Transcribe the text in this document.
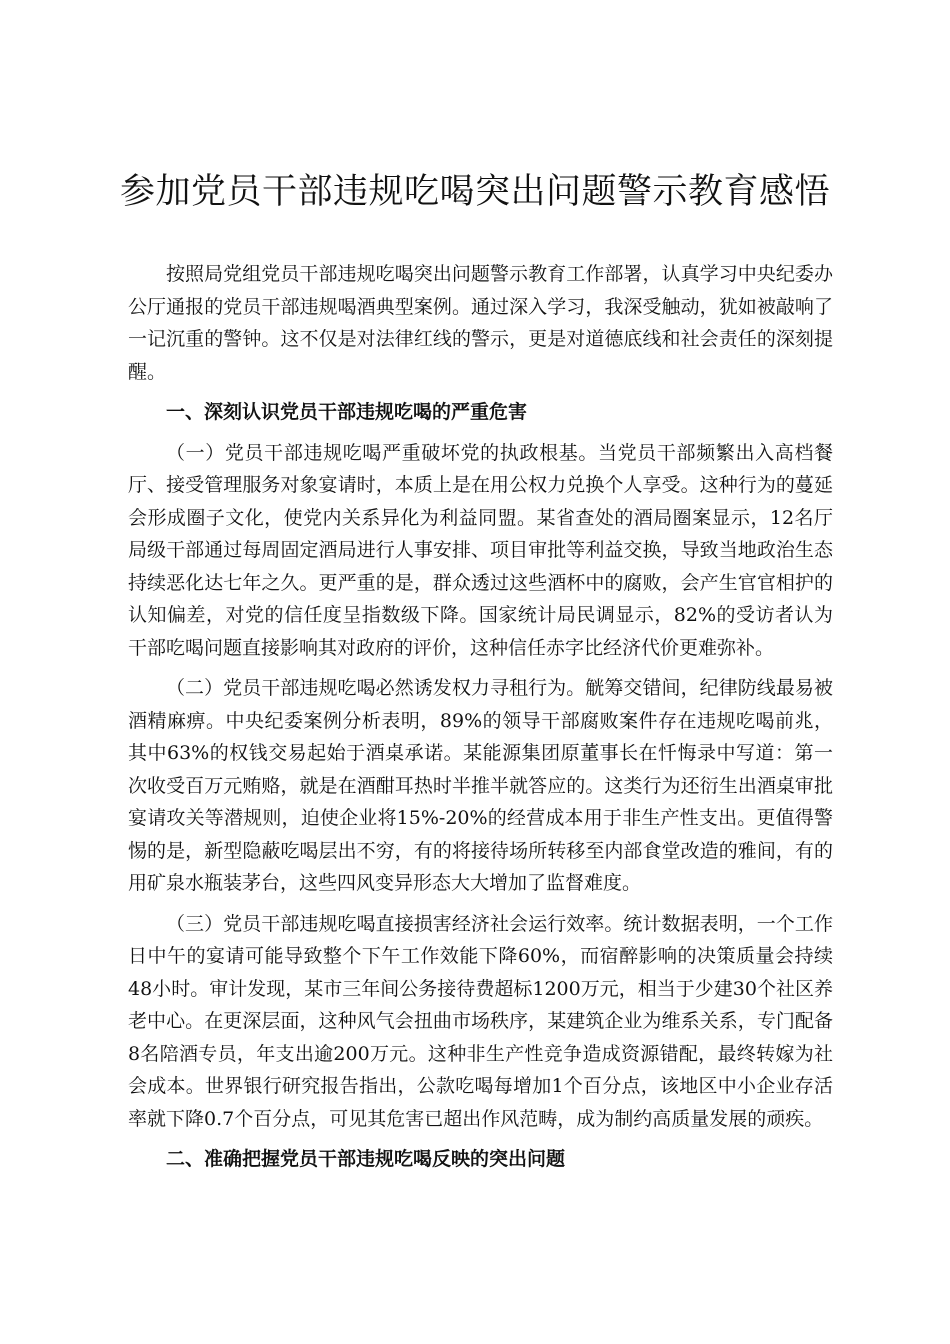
参加党员干部违规吃喝突出问题警示教育感悟

按照局党组党员干部违规吃喝突出问题警示教育工作部署，认真学习中央纪委办公厅通报的党员干部违规喝酒典型案例。通过深入学习，我深受触动，犹如被敲响了一记沉重的警钟。这不仅是对法律红线的警示，更是对道德底线和社会责任的深刻提醒。

一、深刻认识党员干部违规吃喝的严重危害

（一）党员干部违规吃喝严重破坏党的执政根基。当党员干部频繁出入高档餐厅、接受管理服务对象宴请时，本质上是在用公权力兑换个人享受。这种行为的蔓延会形成圈子文化，使党内关系异化为利益同盟。某省查处的酒局圈案显示，12名厅局级干部通过每周固定酒局进行人事安排、项目审批等利益交换，导致当地政治生态持续恶化达七年之久。更严重的是，群众透过这些酒杯中的腐败，会产生官官相护的认知偏差，对党的信任度呈指数级下降。国家统计局民调显示，82%的受访者认为干部吃喝问题直接影响其对政府的评价，这种信任赤字比经济代价更难弥补。

（二）党员干部违规吃喝必然诱发权力寻租行为。觥筹交错间，纪律防线最易被酒精麻痹。中央纪委案例分析表明，89%的领导干部腐败案件存在违规吃喝前兆，其中63%的权钱交易起始于酒桌承诺。某能源集团原董事长在忏悔录中写道：第一次收受百万元贿赂，就是在酒酣耳热时半推半就答应的。这类行为还衍生出酒桌审批宴请攻关等潜规则，迫使企业将15%-20%的经营成本用于非生产性支出。更值得警惕的是，新型隐蔽吃喝层出不穷，有的将接待场所转移至内部食堂改造的雅间，有的用矿泉水瓶装茅台，这些四风变异形态大大增加了监督难度。

（三）党员干部违规吃喝直接损害经济社会运行效率。统计数据表明，一个工作日中午的宴请可能导致整个下午工作效能下降60%，而宿醉影响的决策质量会持续48小时。审计发现，某市三年间公务接待费超标1200万元，相当于少建30个社区养老中心。在更深层面，这种风气会扭曲市场秩序，某建筑企业为维系关系，专门配备8名陪酒专员，年支出逾200万元。这种非生产性竞争造成资源错配，最终转嫁为社会成本。世界银行研究报告指出，公款吃喝每增加1个百分点，该地区中小企业存活率就下降0.7个百分点，可见其危害已超出作风范畴，成为制约高质量发展的顽疾。

二、准确把握党员干部违规吃喝反映的突出问题
